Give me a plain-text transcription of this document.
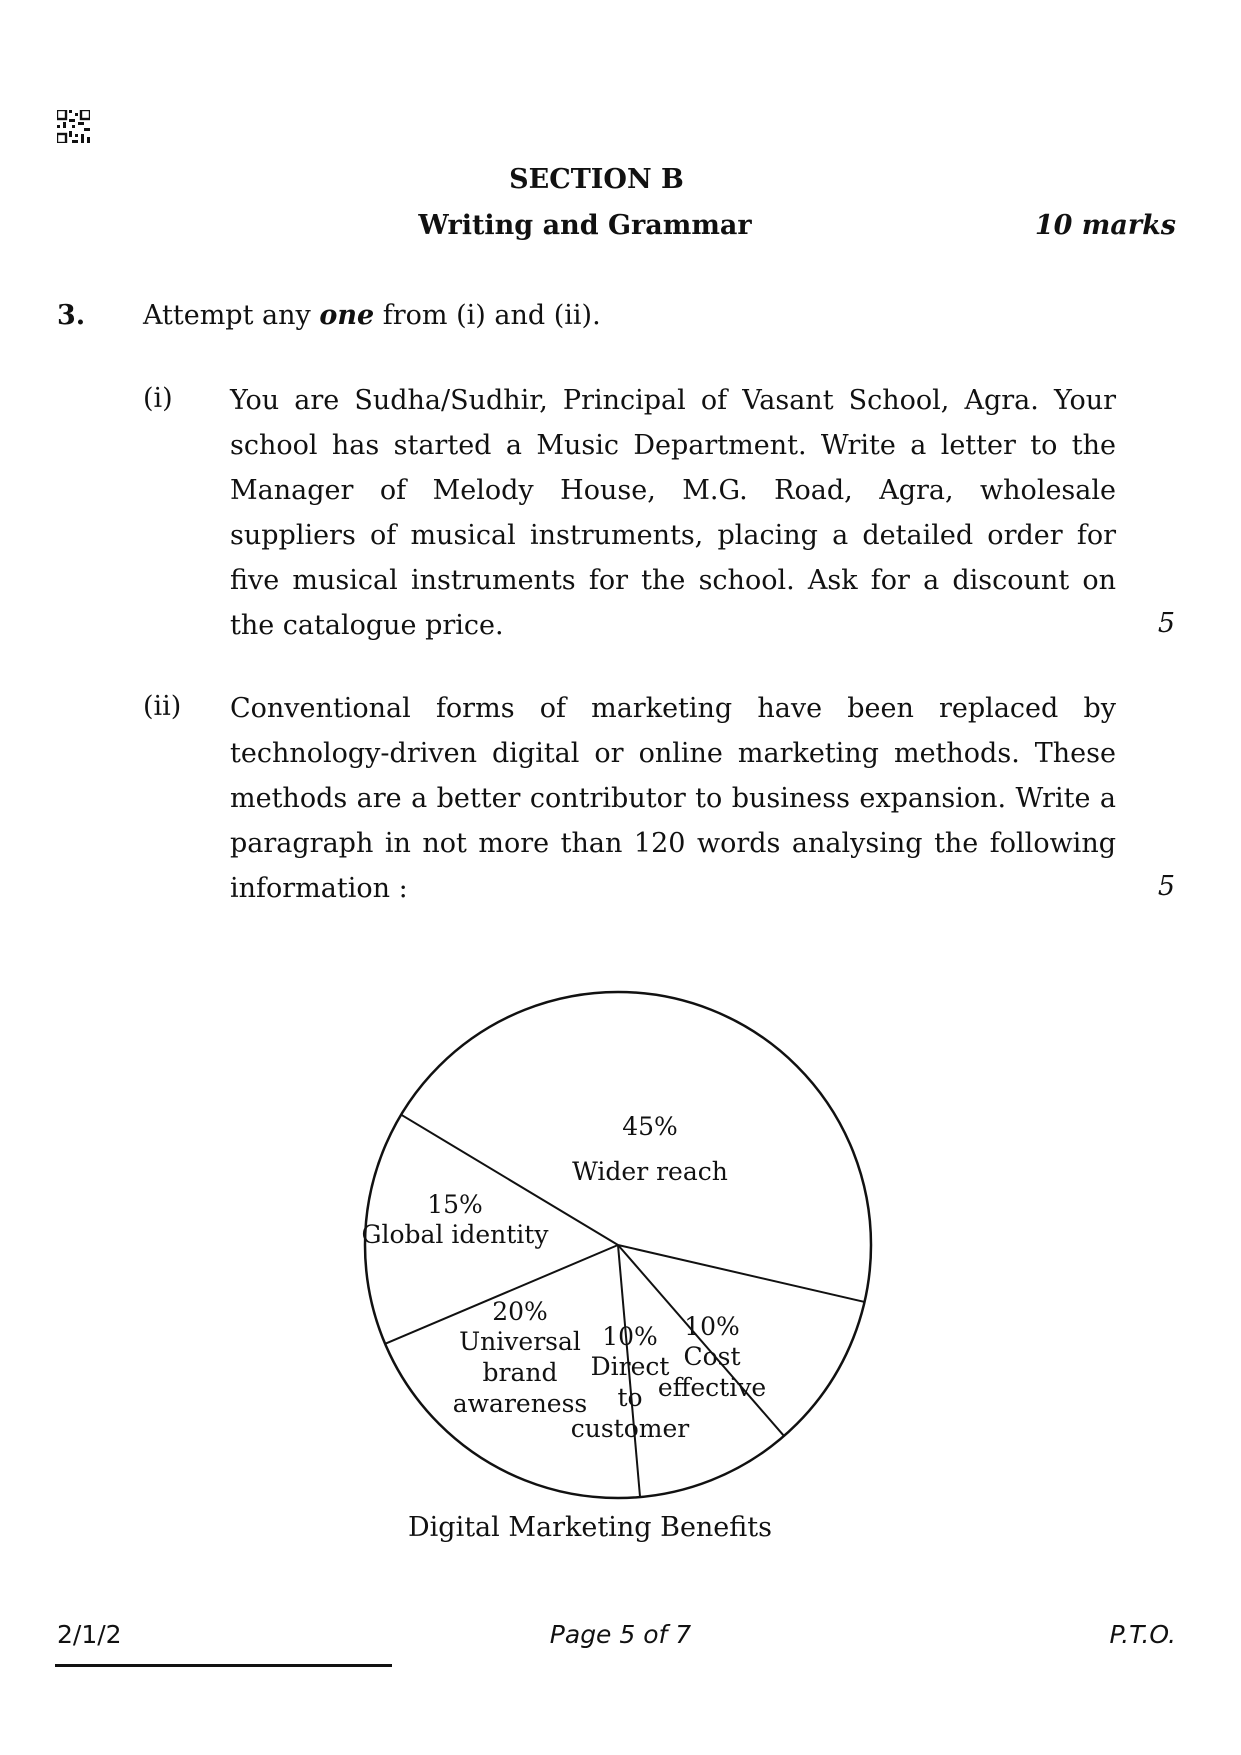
SECTION B
Writing and Grammar	10 marks
3. Attempt any one from (i) and (ii).
(i) You are Sudha/Sudhir, Principal of Vasant School, Agra. Your school has started a Music Department. Write a letter to the Manager of Melody House, M.G. Road, Agra, wholesale suppliers of musical instruments, placing a detailed order for five musical instruments for the school. Ask for a discount on the catalogue price.	5
(ii) Conventional forms of marketing have been replaced by technology-driven digital or online marketing methods. These methods are a better contributor to business expansion. Write a paragraph in not more than 120 words analysing the following information :	5
45% Wider reach
10% Cost effective
10% Direct to customer
20% Universal brand awareness
15% Global identity
Digital Marketing Benefits
2/1/2	Page 5 of 7	P.T.O.
